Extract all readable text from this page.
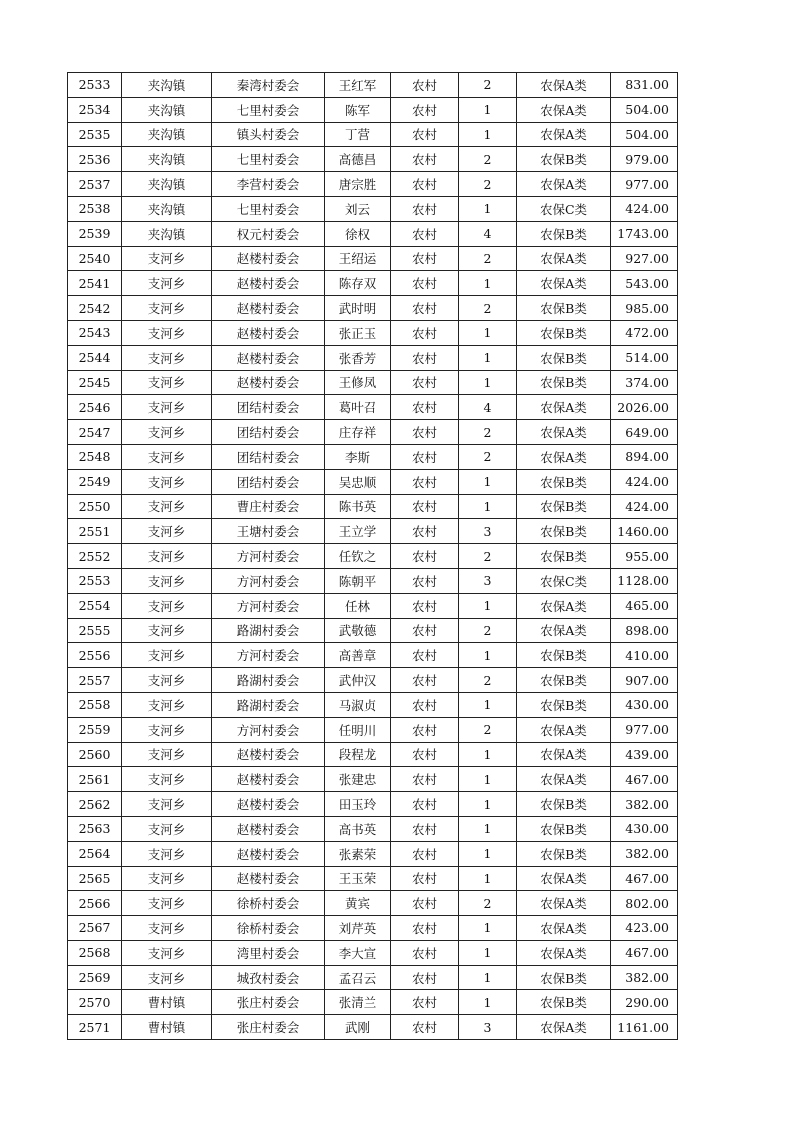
2533	夹沟镇	秦湾村委会	王红军	农村	2	农保A类	831.00
2534	夹沟镇	七里村委会	陈军	农村	1	农保A类	504.00
2535	夹沟镇	镇头村委会	丁营	农村	1	农保A类	504.00
2536	夹沟镇	七里村委会	高德昌	农村	2	农保B类	979.00
2537	夹沟镇	李营村委会	唐宗胜	农村	2	农保A类	977.00
2538	夹沟镇	七里村委会	刘云	农村	1	农保C类	424.00
2539	夹沟镇	权元村委会	徐权	农村	4	农保B类	1743.00
2540	支河乡	赵楼村委会	王绍运	农村	2	农保A类	927.00
2541	支河乡	赵楼村委会	陈存双	农村	1	农保A类	543.00
2542	支河乡	赵楼村委会	武时明	农村	2	农保B类	985.00
2543	支河乡	赵楼村委会	张正玉	农村	1	农保B类	472.00
2544	支河乡	赵楼村委会	张香芳	农村	1	农保B类	514.00
2545	支河乡	赵楼村委会	王修凤	农村	1	农保B类	374.00
2546	支河乡	团结村委会	葛叶召	农村	4	农保A类	2026.00
2547	支河乡	团结村委会	庄存祥	农村	2	农保A类	649.00
2548	支河乡	团结村委会	李斯	农村	2	农保A类	894.00
2549	支河乡	团结村委会	吴忠顺	农村	1	农保B类	424.00
2550	支河乡	曹庄村委会	陈书英	农村	1	农保B类	424.00
2551	支河乡	王塘村委会	王立学	农村	3	农保B类	1460.00
2552	支河乡	方河村委会	任钦之	农村	2	农保B类	955.00
2553	支河乡	方河村委会	陈朝平	农村	3	农保C类	1128.00
2554	支河乡	方河村委会	任林	农村	1	农保A类	465.00
2555	支河乡	路湖村委会	武敬德	农村	2	农保A类	898.00
2556	支河乡	方河村委会	高善章	农村	1	农保B类	410.00
2557	支河乡	路湖村委会	武仲汉	农村	2	农保B类	907.00
2558	支河乡	路湖村委会	马淑贞	农村	1	农保B类	430.00
2559	支河乡	方河村委会	任明川	农村	2	农保A类	977.00
2560	支河乡	赵楼村委会	段程龙	农村	1	农保A类	439.00
2561	支河乡	赵楼村委会	张建忠	农村	1	农保A类	467.00
2562	支河乡	赵楼村委会	田玉玲	农村	1	农保B类	382.00
2563	支河乡	赵楼村委会	高书英	农村	1	农保B类	430.00
2564	支河乡	赵楼村委会	张素荣	农村	1	农保B类	382.00
2565	支河乡	赵楼村委会	王玉荣	农村	1	农保A类	467.00
2566	支河乡	徐桥村委会	黄宾	农村	2	农保A类	802.00
2567	支河乡	徐桥村委会	刘芹英	农村	1	农保A类	423.00
2568	支河乡	湾里村委会	李大宣	农村	1	农保A类	467.00
2569	支河乡	城孜村委会	孟召云	农村	1	农保B类	382.00
2570	曹村镇	张庄村委会	张清兰	农村	1	农保B类	290.00
2571	曹村镇	张庄村委会	武刚	农村	3	农保A类	1161.00
